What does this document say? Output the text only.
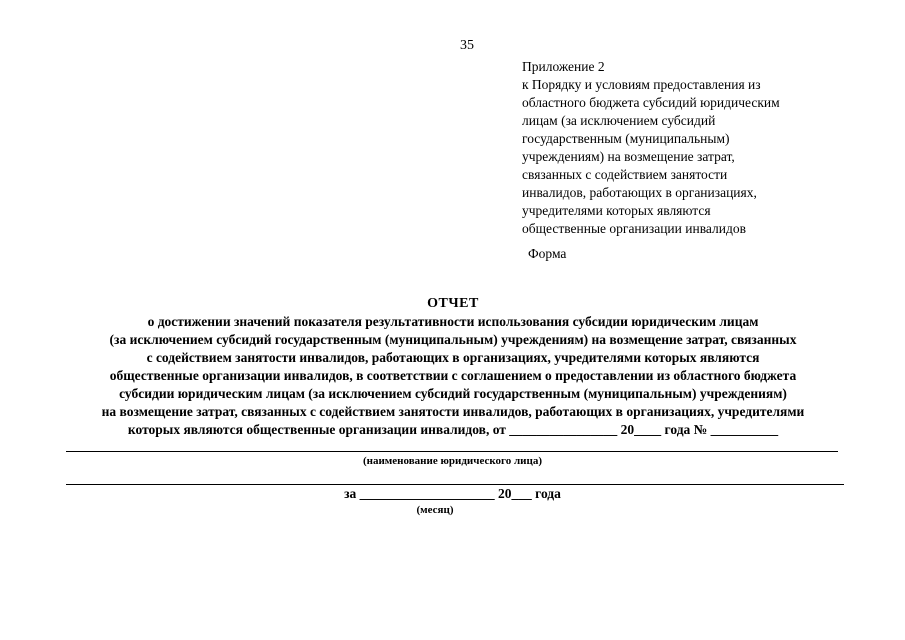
35
Приложение 2
к Порядку и условиям предоставления из
областного бюджета субсидий юридическим
лицам (за исключением субсидий
государственным (муниципальным)
учреждениям) на возмещение затрат,
связанных с содействием занятости
инвалидов, работающих в организациях,
учредителями которых являются
общественные организации инвалидов
Форма
ОТЧЕТ
о достижении значений показателя результативности использования субсидии юридическим лицам
(за исключением субсидий государственным (муниципальным) учреждениям) на возмещение затрат, связанных
с содействием занятости инвалидов, работающих в организациях, учредителями которых являются
общественные организации инвалидов, в соответствии с соглашением о предоставлении из областного бюджета
субсидии юридическим лицам (за исключением субсидий государственным (муниципальным) учреждениям)
на возмещение затрат, связанных с содействием занятости инвалидов, работающих в организациях, учредителями
которых являются общественные организации инвалидов, от ________________ 20____ года № __________
(наименование юридического лица)
за ____________________ 20___ года
(месяц)
